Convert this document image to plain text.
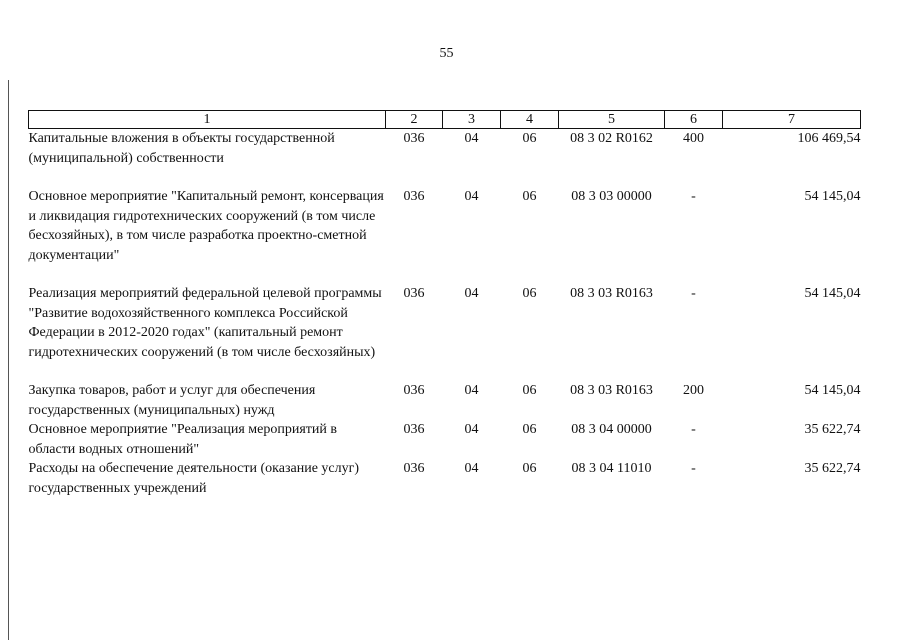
55
1	2	3	4	5	6	7
Капитальные вложения в объекты государственной (муниципальной) собственности	036	04	06	08 3 02 R0162	400	106 469,54
Основное мероприятие "Капитальный ремонт, консервация и ликвидация гидротехнических сооружений (в том числе бесхозяйных), в том числе разработка проектно-сметной документации"	036	04	06	08 3 03 00000	-	54 145,04
Реализация мероприятий федеральной целевой программы "Развитие водохозяйственного комплекса Российской Федерации в 2012-2020 годах" (капитальный ремонт гидротехнических сооружений (в том числе бесхозяйных)	036	04	06	08 3 03 R0163	-	54 145,04
Закупка товаров, работ и услуг для обеспечения государственных (муниципальных) нужд	036	04	06	08 3 03 R0163	200	54 145,04
Основное мероприятие "Реализация мероприятий в области водных отношений"	036	04	06	08 3 04 00000	-	35 622,74
Расходы на обеспечение деятельности (оказание услуг) государственных учреждений	036	04	06	08 3 04 11010	-	35 622,74
